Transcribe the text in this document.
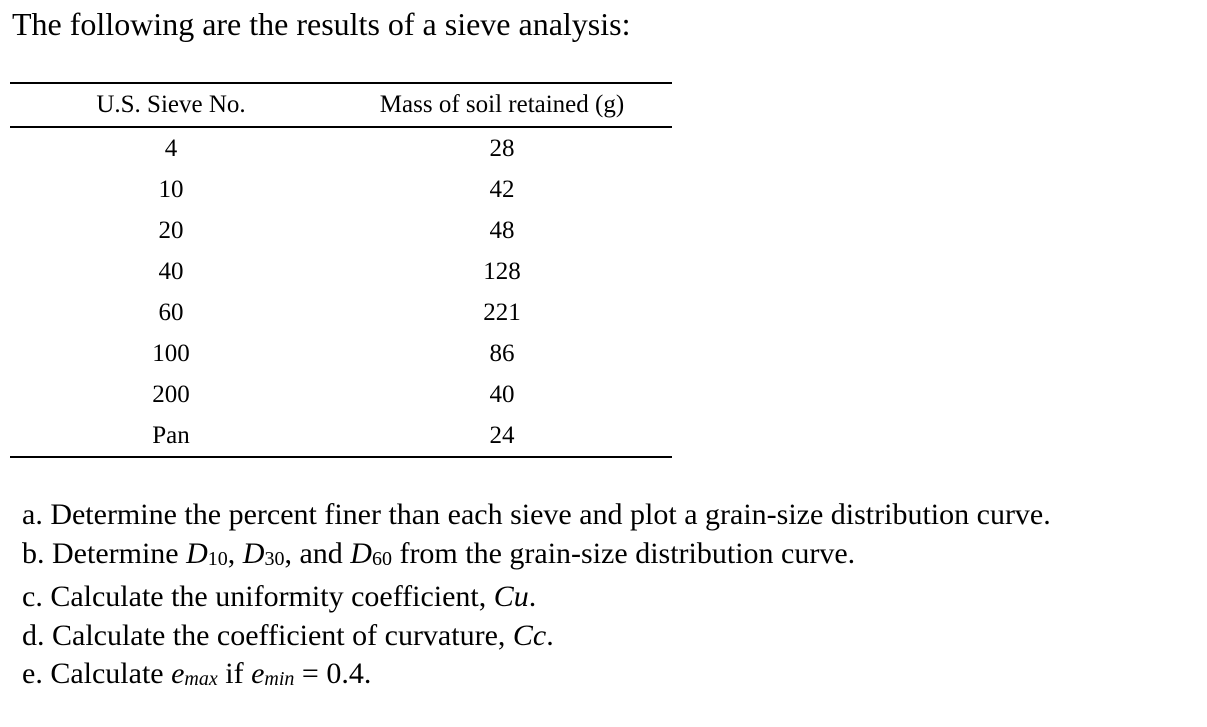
The following are the results of a sieve analysis:
U.S. Sieve No.	Mass of soil retained (g)
4	28
10	42
20	48
40	128
60	221
100	86
200	40
Pan	24
a. Determine the percent finer than each sieve and plot a grain-size distribution curve.
b. Determine D10, D30, and D60 from the grain-size distribution curve.
c. Calculate the uniformity coefficient, Cu.
d. Calculate the coefficient of curvature, Cc.
e. Calculate emax if emin = 0.4.
